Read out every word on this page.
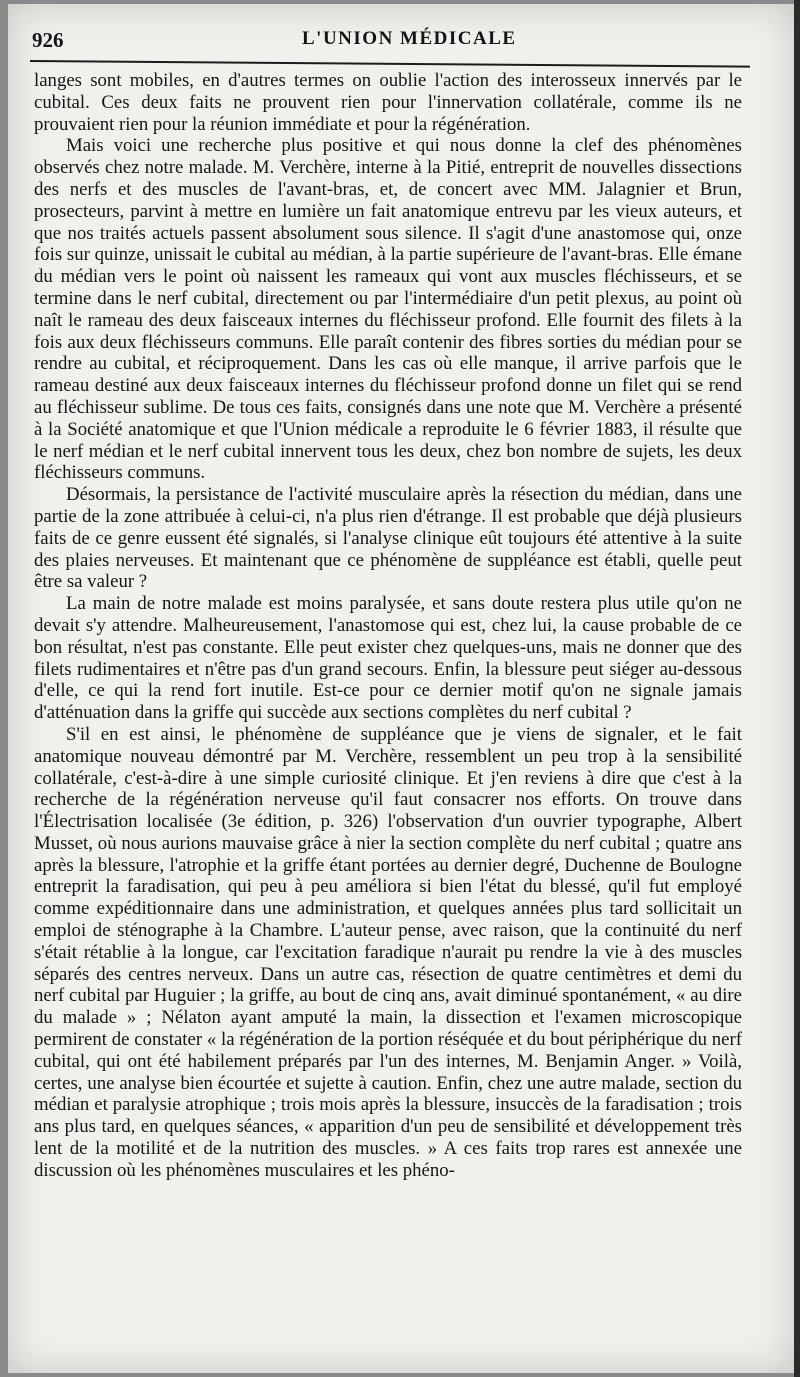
926	L'UNION MÉDICALE

langes sont mobiles, en d'autres termes on oublie l'action des interosseux innervés par le cubital. Ces deux faits ne prouvent rien pour l'innervation collatérale, comme ils ne prouvaient rien pour la réunion immédiate et pour la régénération.

Mais voici une recherche plus positive et qui nous donne la clef des phénomènes observés chez notre malade. M. Verchère, interne à la Pitié, entreprit de nouvelles dissections des nerfs et des muscles de l'avant-bras, et, de concert avec MM. Jalagnier et Brun, prosecteurs, parvint à mettre en lumière un fait anatomique entrevu par les vieux auteurs, et que nos traités actuels passent absolument sous silence. Il s'agit d'une anastomose qui, onze fois sur quinze, unissait le cubital au médian, à la partie supérieure de l'avant-bras. Elle émane du médian vers le point où naissent les rameaux qui vont aux muscles fléchisseurs, et se termine dans le nerf cubital, directement ou par l'intermédiaire d'un petit plexus, au point où naît le rameau des deux faisceaux internes du fléchisseur profond. Elle fournit des filets à la fois aux deux fléchisseurs communs. Elle paraît contenir des fibres sorties du médian pour se rendre au cubital, et réciproquement. Dans les cas où elle manque, il arrive parfois que le rameau destiné aux deux faisceaux internes du fléchisseur profond donne un filet qui se rend au fléchisseur sublime. De tous ces faits, consignés dans une note que M. Verchère a présenté à la Société anatomique et que l'Union médicale a reproduite le 6 février 1883, il résulte que le nerf médian et le nerf cubital innervent tous les deux, chez bon nombre de sujets, les deux fléchisseurs communs.

Désormais, la persistance de l'activité musculaire après la résection du médian, dans une partie de la zone attribuée à celui-ci, n'a plus rien d'étrange. Il est probable que déjà plusieurs faits de ce genre eussent été signalés, si l'analyse clinique eût toujours été attentive à la suite des plaies nerveuses. Et maintenant que ce phénomène de suppléance est établi, quelle peut être sa valeur ?

La main de notre malade est moins paralysée, et sans doute restera plus utile qu'on ne devait s'y attendre. Malheureusement, l'anastomose qui est, chez lui, la cause probable de ce bon résultat, n'est pas constante. Elle peut exister chez quelques-uns, mais ne donner que des filets rudimentaires et n'être pas d'un grand secours. Enfin, la blessure peut siéger au-dessous d'elle, ce qui la rend fort inutile. Est-ce pour ce dernier motif qu'on ne signale jamais d'atténuation dans la griffe qui succède aux sections complètes du nerf cubital ?

S'il en est ainsi, le phénomène de suppléance que je viens de signaler, et le fait anatomique nouveau démontré par M. Verchère, ressemblent un peu trop à la sensibilité collatérale, c'est-à-dire à une simple curiosité clinique. Et j'en reviens à dire que c'est à la recherche de la régénération nerveuse qu'il faut consacrer nos efforts. On trouve dans l'Électrisation localisée (3e édition, p. 326) l'observation d'un ouvrier typographe, Albert Musset, où nous aurions mauvaise grâce à nier la section complète du nerf cubital ; quatre ans après la blessure, l'atrophie et la griffe étant portées au dernier degré, Duchenne de Boulogne entreprit la faradisation, qui peu à peu améliora si bien l'état du blessé, qu'il fut employé comme expéditionnaire dans une administration, et quelques années plus tard sollicitait un emploi de sténographe à la Chambre. L'auteur pense, avec raison, que la continuité du nerf s'était rétablie à la longue, car l'excitation faradique n'aurait pu rendre la vie à des muscles séparés des centres nerveux. Dans un autre cas, résection de quatre centimètres et demi du nerf cubital par Huguier ; la griffe, au bout de cinq ans, avait diminué spontanément, « au dire du malade » ; Nélaton ayant amputé la main, la dissection et l'examen microscopique permirent de constater « la régénération de la portion réséquée et du bout périphérique du nerf cubital, qui ont été habilement préparés par l'un des internes, M. Benjamin Anger. » Voilà, certes, une analyse bien écourtée et sujette à caution. Enfin, chez une autre malade, section du médian et paralysie atrophique ; trois mois après la blessure, insuccès de la faradisation ; trois ans plus tard, en quelques séances, « apparition d'un peu de sensibilité et développement très lent de la motilité et de la nutrition des muscles. » A ces faits trop rares est annexée une discussion où les phénomènes musculaires et les phéno-
